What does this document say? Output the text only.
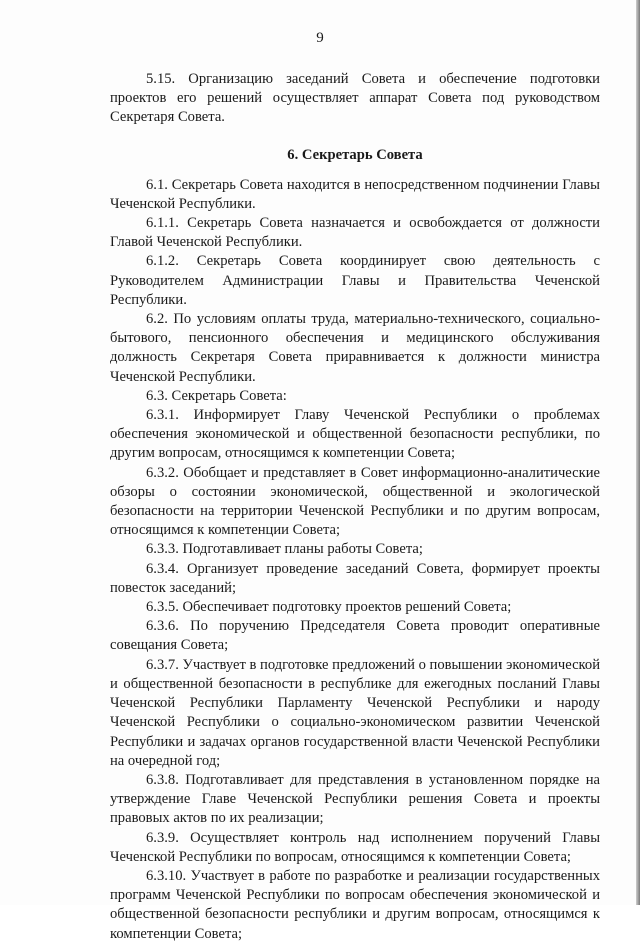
9

5.15. Организацию заседаний Совета и обеспечение подготовки проектов его решений осуществляет аппарат Совета под руководством Секретаря Совета.

6. Секретарь Совета

6.1. Секретарь Совета находится в непосредственном подчинении Главы Чеченской Республики.

6.1.1. Секретарь Совета назначается и освобождается от должности Главой Чеченской Республики.

6.1.2. Секретарь Совета координирует свою деятельность с Руководителем Администрации Главы и Правительства Чеченской Республики.

6.2. По условиям оплаты труда, материально-технического, социально-бытового, пенсионного обеспечения и медицинского обслуживания должность Секретаря Совета приравнивается к должности министра Чеченской Республики.

6.3. Секретарь Совета:

6.3.1. Информирует Главу Чеченской Республики о проблемах обеспечения экономической и общественной безопасности республики, по другим вопросам, относящимся к компетенции Совета;

6.3.2. Обобщает и представляет в Совет информационно-аналитические обзоры о состоянии экономической, общественной и экологической безопасности на территории Чеченской Республики и по другим вопросам, относящимся к компетенции Совета;

6.3.3. Подготавливает планы работы Совета;

6.3.4. Организует проведение заседаний Совета, формирует проекты повесток заседаний;

6.3.5. Обеспечивает подготовку проектов решений Совета;

6.3.6. По поручению Председателя Совета проводит оперативные совещания Совета;

6.3.7. Участвует в подготовке предложений о повышении экономической и общественной безопасности в республике для ежегодных посланий Главы Чеченской Республики Парламенту Чеченской Республики и народу Чеченской Республики о социально-экономическом развитии Чеченской Республики и задачах органов государственной власти Чеченской Республики на очередной год;

6.3.8. Подготавливает для представления в установленном порядке на утверждение Главе Чеченской Республики решения Совета и проекты правовых актов по их реализации;

6.3.9. Осуществляет контроль над исполнением поручений Главы Чеченской Республики по вопросам, относящимся к компетенции Совета;

6.3.10. Участвует в работе по разработке и реализации государственных программ Чеченской Республики по вопросам обеспечения экономической и общественной безопасности республики и другим вопросам, относящимся к компетенции Совета;
